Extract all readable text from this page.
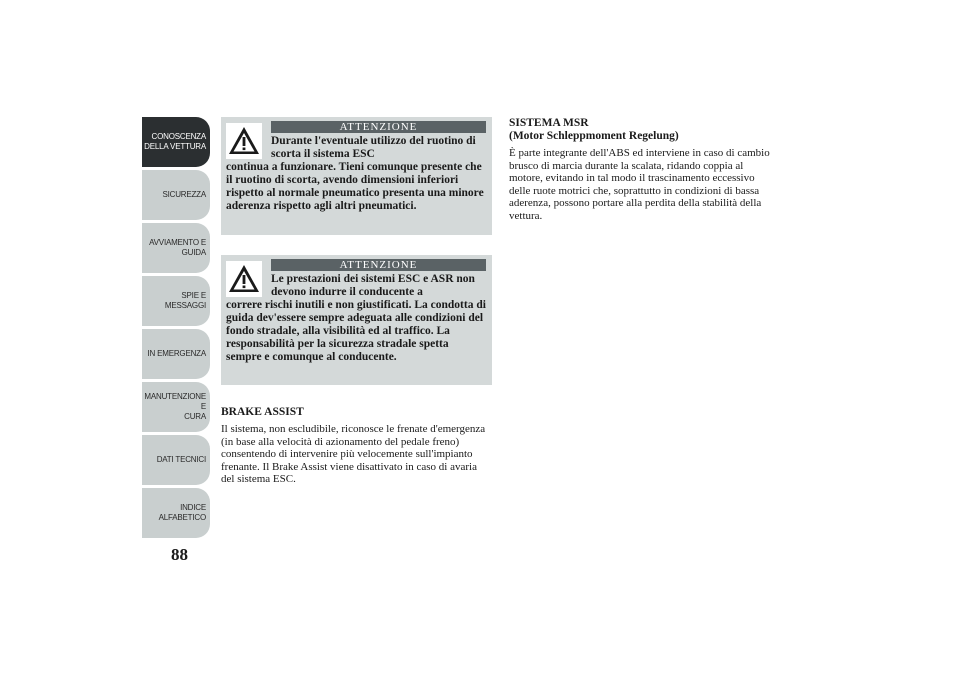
CONOSCENZA
DELLA VETTURA
SICUREZZA
AVVIAMENTO E
GUIDA
SPIE E MESSAGGI
IN EMERGENZA
MANUTENZIONE E
CURA
DATI TECNICI
INDICE
ALFABETICO
88
ATTENZIONE
Durante l'eventuale utilizzo del ruotino di scorta il sistema ESC
continua a funzionare. Tieni comunque presente che il ruotino di scorta, avendo dimensioni inferiori rispetto al normale pneumatico presenta una minore aderenza rispetto agli altri pneumatici.
ATTENZIONE
Le prestazioni dei sistemi ESC e ASR non devono indurre il conducente a
correre rischi inutili e non giustificati. La condotta di guida dev'essere sempre adeguata alle condizioni del fondo stradale, alla visibilità ed al traffico. La responsabilità per la sicurezza stradale spetta sempre e comunque al conducente.
BRAKE ASSIST

Il sistema, non escludibile, riconosce le frenate d'emergenza (in base alla velocità di azionamento del pedale freno) consentendo di intervenire più velocemente sull'impianto frenante. Il Brake Assist viene disattivato in caso di avaria del sistema ESC.

SISTEMA MSR
(Motor Schleppmoment Regelung)

È parte integrante dell'ABS ed interviene in caso di cambio brusco di marcia durante la scalata, ridando coppia al motore, evitando in tal modo il trascinamento eccessivo delle ruote motrici che, soprattutto in condizioni di bassa aderenza, possono portare alla perdita della stabilità della vettura.
